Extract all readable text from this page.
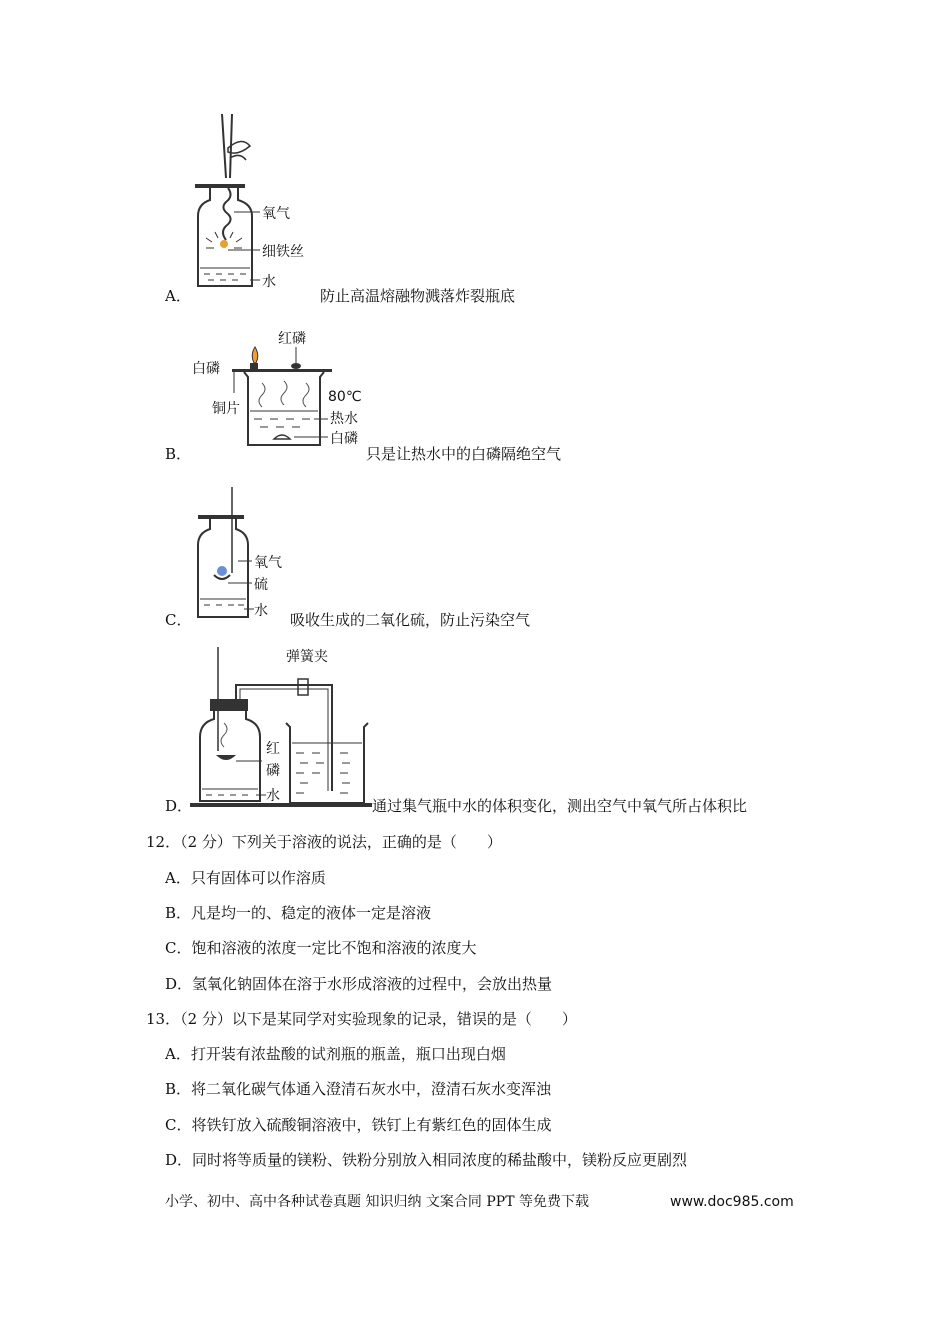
氧气
细铁丝
水
A．	防止高温熔融物溅落炸裂瓶底
红磷
白磷
铜片
80℃
热水
白磷
B．	只是让热水中的白磷隔绝空气
氧气
硫
水
C．	吸收生成的二氧化硫，防止污染空气
弹簧夹
红
磷
水
D．	通过集气瓶中水的体积变化，测出空气中氧气所占体积比
12．（2 分）下列关于溶液的说法，正确的是（　　）
A．只有固体可以作溶质
B．凡是均一的、稳定的液体一定是溶液
C．饱和溶液的浓度一定比不饱和溶液的浓度大
D．氢氧化钠固体在溶于水形成溶液的过程中，会放出热量
13．（2 分）以下是某同学对实验现象的记录，错误的是（　　）
A．打开装有浓盐酸的试剂瓶的瓶盖，瓶口出现白烟
B．将二氧化碳气体通入澄清石灰水中，澄清石灰水变浑浊
C．将铁钉放入硫酸铜溶液中，铁钉上有紫红色的固体生成
D．同时将等质量的镁粉、铁粉分别放入相同浓度的稀盐酸中，镁粉反应更剧烈
小学、初中、高中各种试卷真题 知识归纳 文案合同 PPT 等免费下载	www.doc985.com
